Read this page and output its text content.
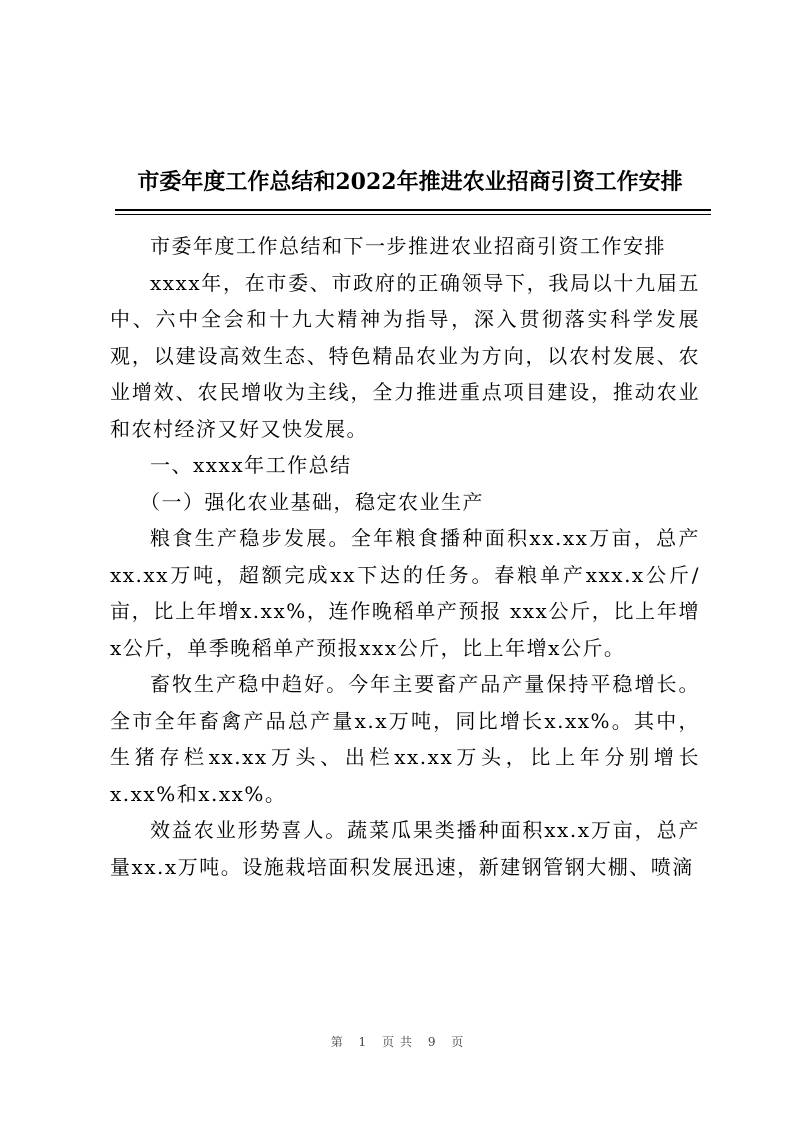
市委年度工作总结和2022年推进农业招商引资工作安排

市委年度工作总结和下一步推进农业招商引资工作安排

xxxx年，在市委、市政府的正确领导下，我局以十九届五中、六中全会和十九大精神为指导，深入贯彻落实科学发展观，以建设高效生态、特色精品农业为方向，以农村发展、农业增效、农民增收为主线，全力推进重点项目建设，推动农业和农村经济又好又快发展。

一、xxxx年工作总结

（一）强化农业基础，稳定农业生产

粮食生产稳步发展。全年粮食播种面积xx.xx万亩，总产xx.xx万吨，超额完成xx下达的任务。春粮单产xxx.x公斤/亩，比上年增x.xx%，连作晚稻单产预报 xxx公斤，比上年增x公斤，单季晚稻单产预报xxx公斤，比上年增x公斤。

畜牧生产稳中趋好。今年主要畜产品产量保持平稳增长。全市全年畜禽产品总产量x.x万吨，同比增长x.xx%。其中，生猪存栏xx.xx万头、出栏xx.xx万头，比上年分别增长x.xx%和x.xx%。

效益农业形势喜人。蔬菜瓜果类播种面积xx.x万亩，总产量xx.x万吨。设施栽培面积发展迅速，新建钢管钢大棚、喷滴

第 1 页共 9 页
